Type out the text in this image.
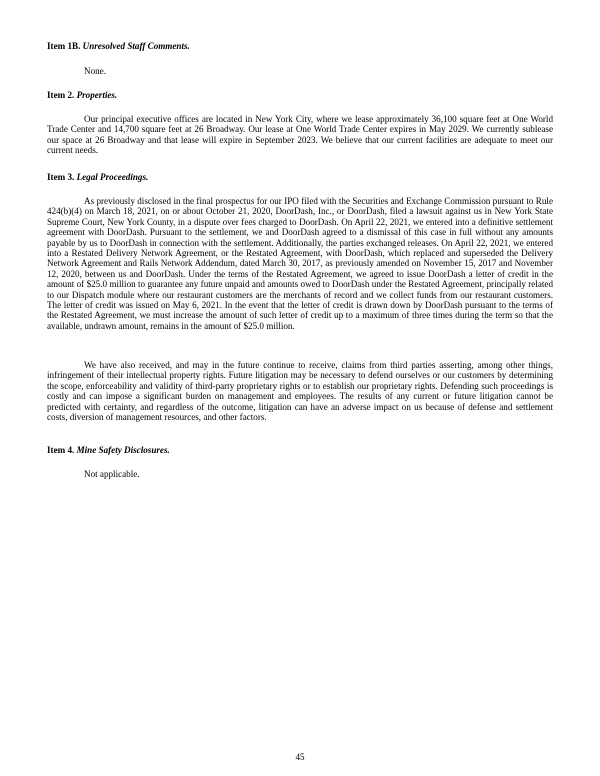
Item 1B. Unresolved Staff Comments.
None.
Item 2. Properties.
Our principal executive offices are located in New York City, where we lease approximately 36,100 square feet at One World Trade Center and 14,700 square feet at 26 Broadway. Our lease at One World Trade Center expires in May 2029. We currently sublease our space at 26 Broadway and that lease will expire in September 2023. We believe that our current facilities are adequate to meet our current needs.
Item 3. Legal Proceedings.
As previously disclosed in the final prospectus for our IPO filed with the Securities and Exchange Commission pursuant to Rule 424(b)(4) on March 18, 2021, on or about October 21, 2020, DoorDash, Inc., or DoorDash, filed a lawsuit against us in New York State Supreme Court, New York County, in a dispute over fees charged to DoorDash. On April 22, 2021, we entered into a definitive settlement agreement with DoorDash. Pursuant to the settlement, we and DoorDash agreed to a dismissal of this case in full without any amounts payable by us to DoorDash in connection with the settlement. Additionally, the parties exchanged releases. On April 22, 2021, we entered into a Restated Delivery Network Agreement, or the Restated Agreement, with DoorDash, which replaced and superseded the Delivery Network Agreement and Rails Network Addendum, dated March 30, 2017, as previously amended on November 15, 2017 and November 12, 2020, between us and DoorDash. Under the terms of the Restated Agreement, we agreed to issue DoorDash a letter of credit in the amount of $25.0 million to guarantee any future unpaid and amounts owed to DoorDash under the Restated Agreement, principally related to our Dispatch module where our restaurant customers are the merchants of record and we collect funds from our restaurant customers. The letter of credit was issued on May 6, 2021. In the event that the letter of credit is drawn down by DoorDash pursuant to the terms of the Restated Agreement, we must increase the amount of such letter of credit up to a maximum of three times during the term so that the available, undrawn amount, remains in the amount of $25.0 million.
We have also received, and may in the future continue to receive, claims from third parties asserting, among other things, infringement of their intellectual property rights. Future litigation may be necessary to defend ourselves or our customers by determining the scope, enforceability and validity of third-party proprietary rights or to establish our proprietary rights. Defending such proceedings is costly and can impose a significant burden on management and employees. The results of any current or future litigation cannot be predicted with certainty, and regardless of the outcome, litigation can have an adverse impact on us because of defense and settlement costs, diversion of management resources, and other factors.
Item 4. Mine Safety Disclosures.
Not applicable.
45
